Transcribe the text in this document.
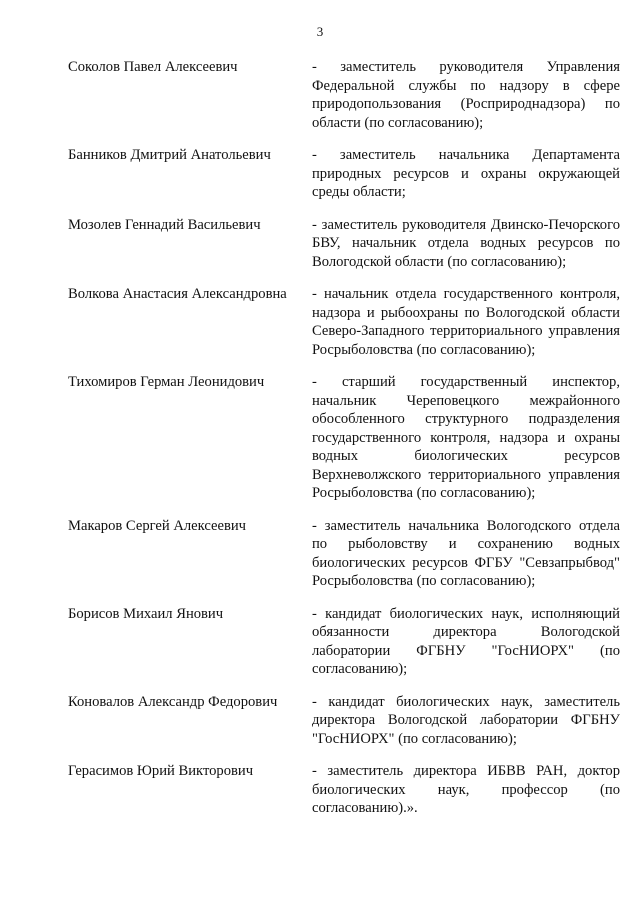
3
Соколов Павел Алексеевич	- заместитель руководителя Управления Федеральной службы по надзору в сфере природопользования (Росприроднадзора) по области (по согласованию);
Банников Дмитрий Анатольевич	- заместитель начальника Департамента природных ресурсов и охраны окружающей среды области;
Мозолев Геннадий Васильевич	- заместитель руководителя Двинско-Печорского БВУ, начальник отдела водных ресурсов по Вологодской области (по согласованию);
Волкова Анастасия Александровна	- начальник отдела государственного контроля, надзора и рыбоохраны по Вологодской области Северо-Западного территориального управления Росрыболовства (по согласованию);
Тихомиров Герман Леонидович	- старший государственный инспектор, начальник Череповецкого межрайонного обособленного структурного подразделения государственного контроля, надзора и охраны водных биологических ресурсов Верхневолжского территориального управления Росрыболовства (по согласованию);
Макаров Сергей Алексеевич	- заместитель начальника Вологодского отдела по рыболовству и сохранению водных биологических ресурсов ФГБУ "Севзапрыбвод" Росрыболовства (по согласованию);
Борисов Михаил Янович	- кандидат биологических наук, исполняющий обязанности директора Вологодской лаборатории ФГБНУ "ГосНИОРХ" (по согласованию);
Коновалов Александр Федорович	- кандидат биологических наук, заместитель директора Вологодской лаборатории ФГБНУ "ГосНИОРХ" (по согласованию);
Герасимов Юрий Викторович	- заместитель директора ИБВВ РАН, доктор биологических наук, профессор (по согласованию).».
